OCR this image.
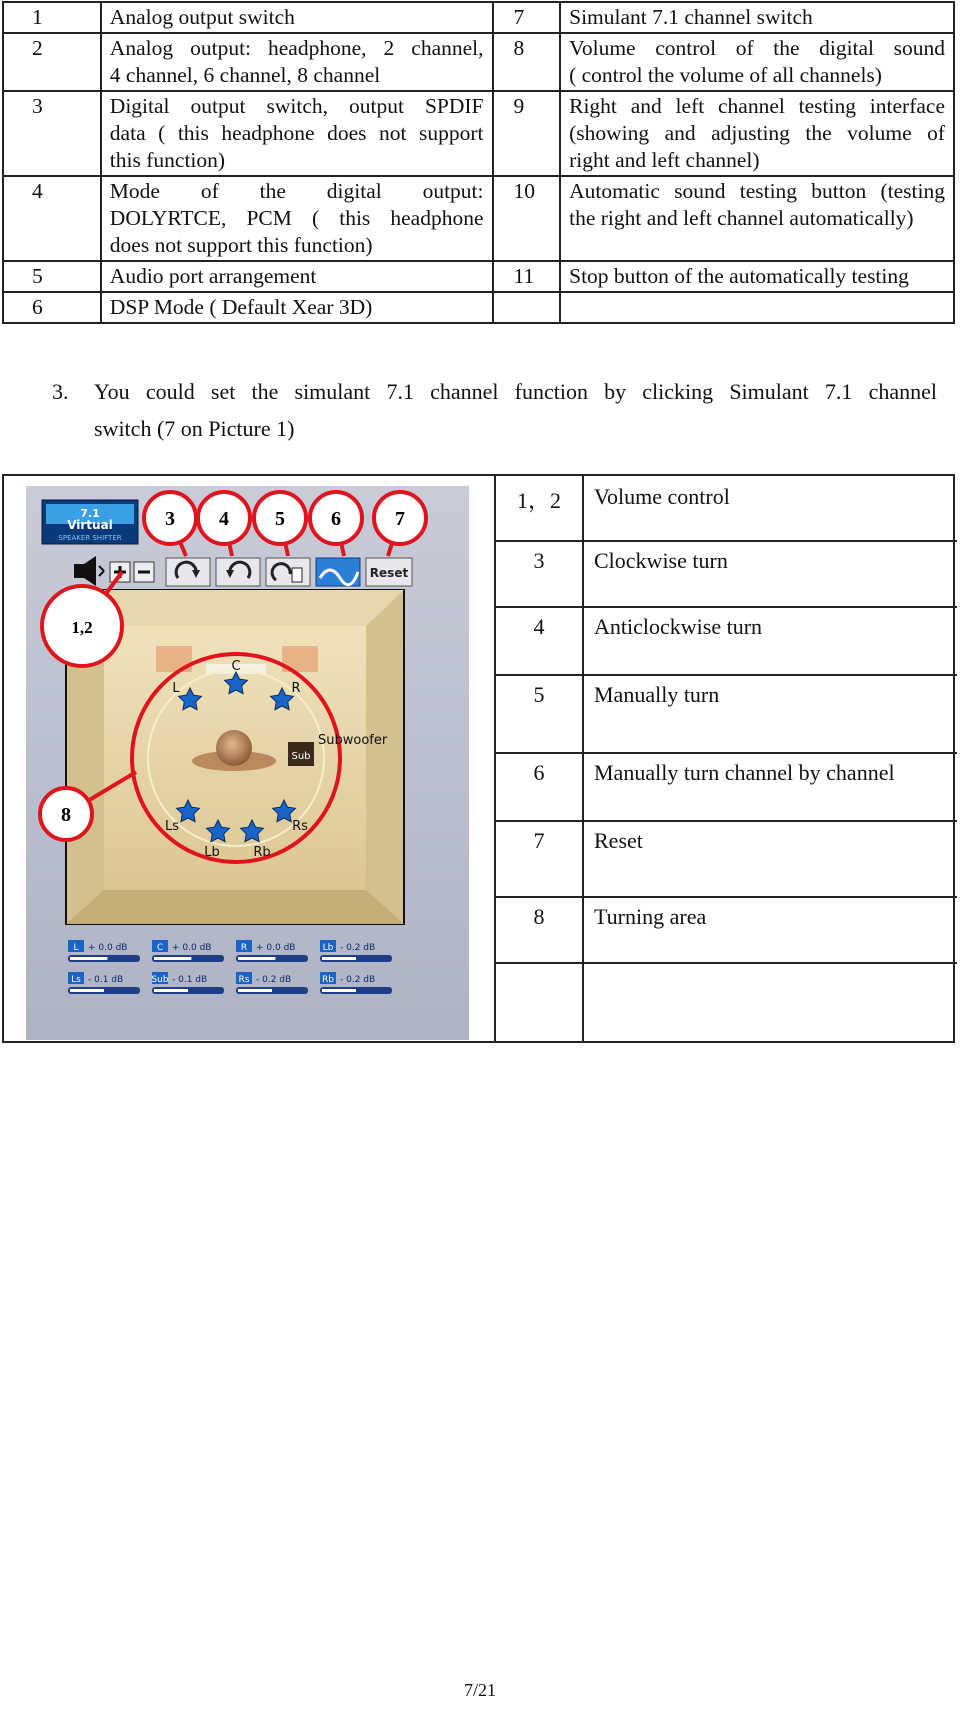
1	Analog output switch	7	Simulant 7.1 channel switch

2	Analog output: headphone, 2 channel,
4 channel, 6 channel, 8 channel	8	Volume control of the digital sound
( control the volume of all channels)

3	Digital output switch, output SPDIF
data ( this headphone does not support
this function)	9	Right and left channel testing interface
(showing and adjusting the volume of
right and left channel)

4	Mode of the digital output:
DOLYRTCE, PCM ( this headphone
does not support this function)	10	Automatic sound testing button (testing
the right and left channel automatically)

5	Audio port arrangement	11	Stop button of the automatically testing

6	DSP Mode ( Default Xear 3D)		

3. You could set the simulant 7.1 channel function by clicking Simulant 7.1 channel
switch (7 on Picture 1)
7.1
Virtual
SPEAKER SHIFTER
Reset
C
L	R
Ls	Rs
Lb	Rb
Sub
Subwoofer
3 4 5 6	7
1,2
8
L + 0.0 dB	C + 0.0 dB	R + 0.0 dB	Lb - 0.2 dB
Ls - 0.1 dB	Sub - 0.1 dB	Rs - 0.2 dB	Rb - 0.2 dB
1，2	Volume control
3	Clockwise turn
4	Anticlockwise turn
5	Manually turn
6	Manually turn channel by channel
7	Reset
8	Turning area
7/21
